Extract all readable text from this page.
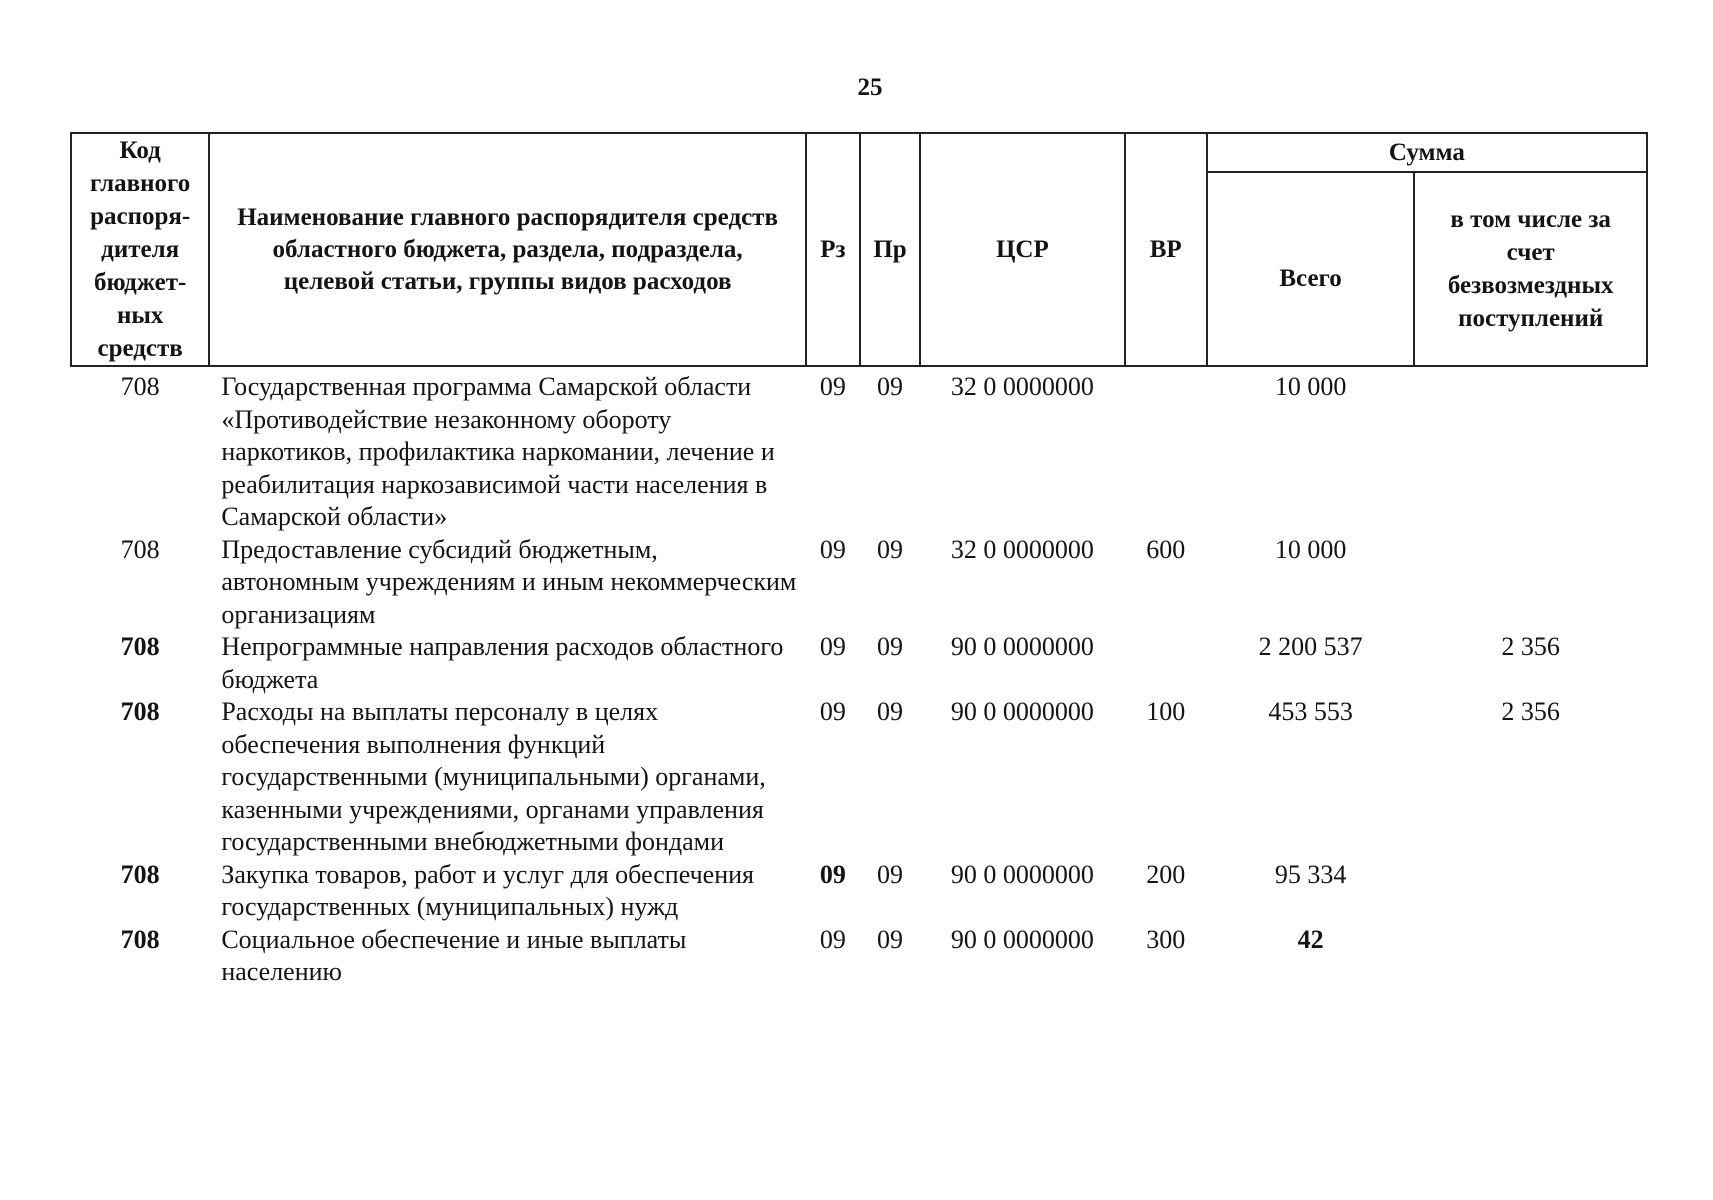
25
Код
главного
распоря-дителя
бюджет-ных
средств	Наименование главного распорядителя средств областного бюджета, раздела, подраздела, целевой статьи, группы видов расходов	Рз	Пр	ЦСР	ВР	Сумма	
						Всего	в том числе за счет безвозмездных поступлений
708	Государственная программа Самарской области «Противодействие незаконному обороту наркотиков, профилактика наркомании, лечение и реабилитация наркозависимой части населения в Самарской области»	09	09	32 0 0000000		10 000	
708	Предоставление субсидий бюджетным, автономным учреждениям и иным некоммерческим организациям	09	09	32 0 0000000	600	10 000	
708	Непрограммные направления расходов областного бюджета	09	09	90 0 0000000		2 200 537	2 356
708	Расходы на выплаты персоналу в целях обеспечения выполнения функций государственными (муниципальными) органами, казенными учреждениями, органами управления государственными внебюджетными фондами	09	09	90 0 0000000	100	453 553	2 356
708	Закупка товаров, работ и услуг для обеспечения государственных (муниципальных) нужд	09	09	90 0 0000000	200	95 334	
708	Социальное обеспечение и иные выплаты населению	09	09	90 0 0000000	300	42	
